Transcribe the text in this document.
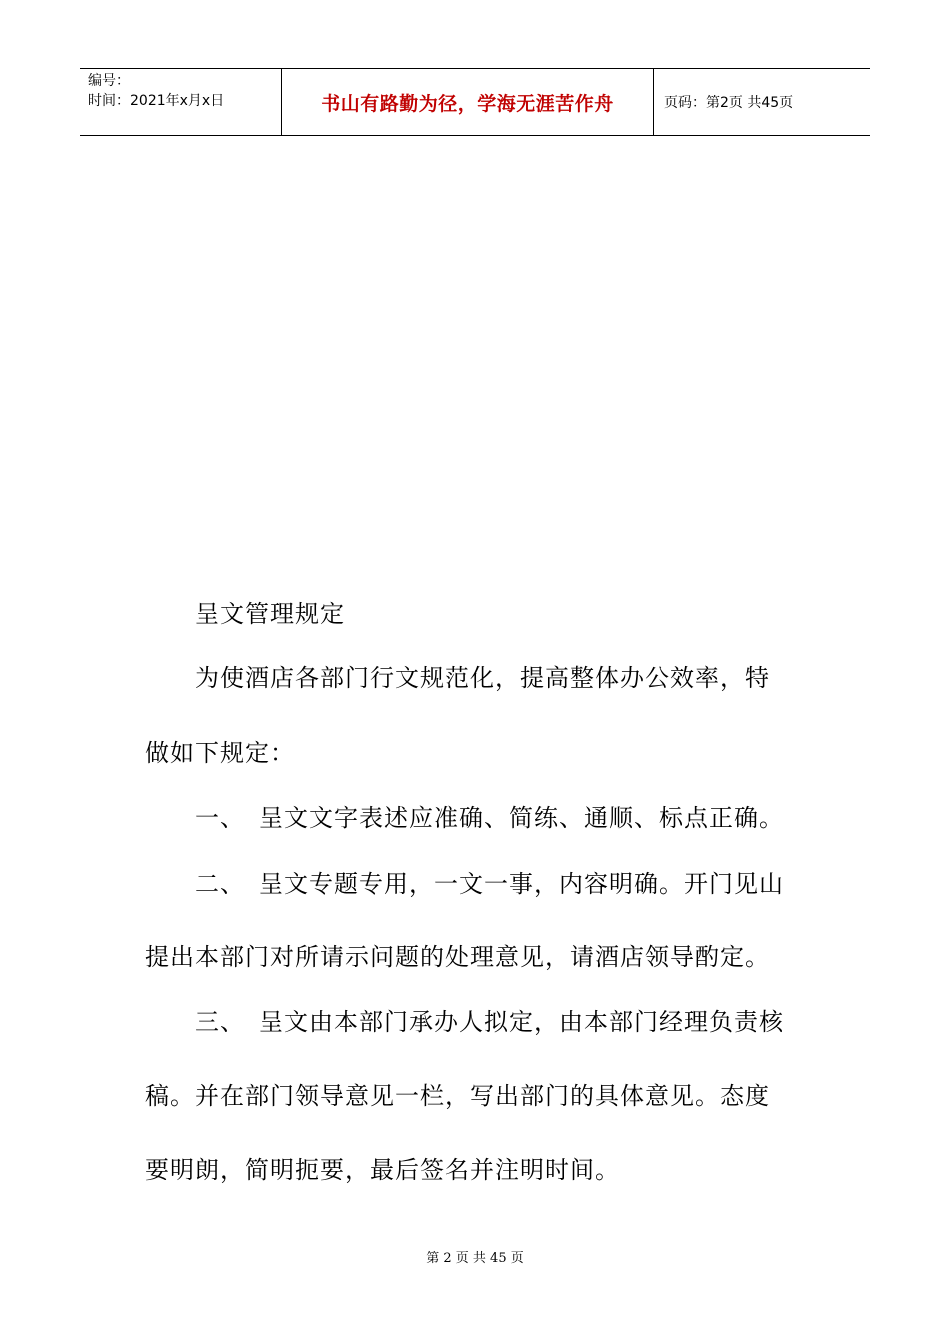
编号：
时间：2021年x月x日	书山有路勤为径，学海无涯苦作舟	页码：第2页 共45页
呈文管理规定
为使酒店各部门行文规范化，提高整体办公效率，特
做如下规定：
一、 呈文文字表述应准确、简练、通顺、标点正确。
二、 呈文专题专用，一文一事，内容明确。开门见山
提出本部门对所请示问题的处理意见，请酒店领导酌定。
三、 呈文由本部门承办人拟定，由本部门经理负责核
稿。并在部门领导意见一栏，写出部门的具体意见。态度
要明朗，简明扼要，最后签名并注明时间。
第 2 页 共 45 页
